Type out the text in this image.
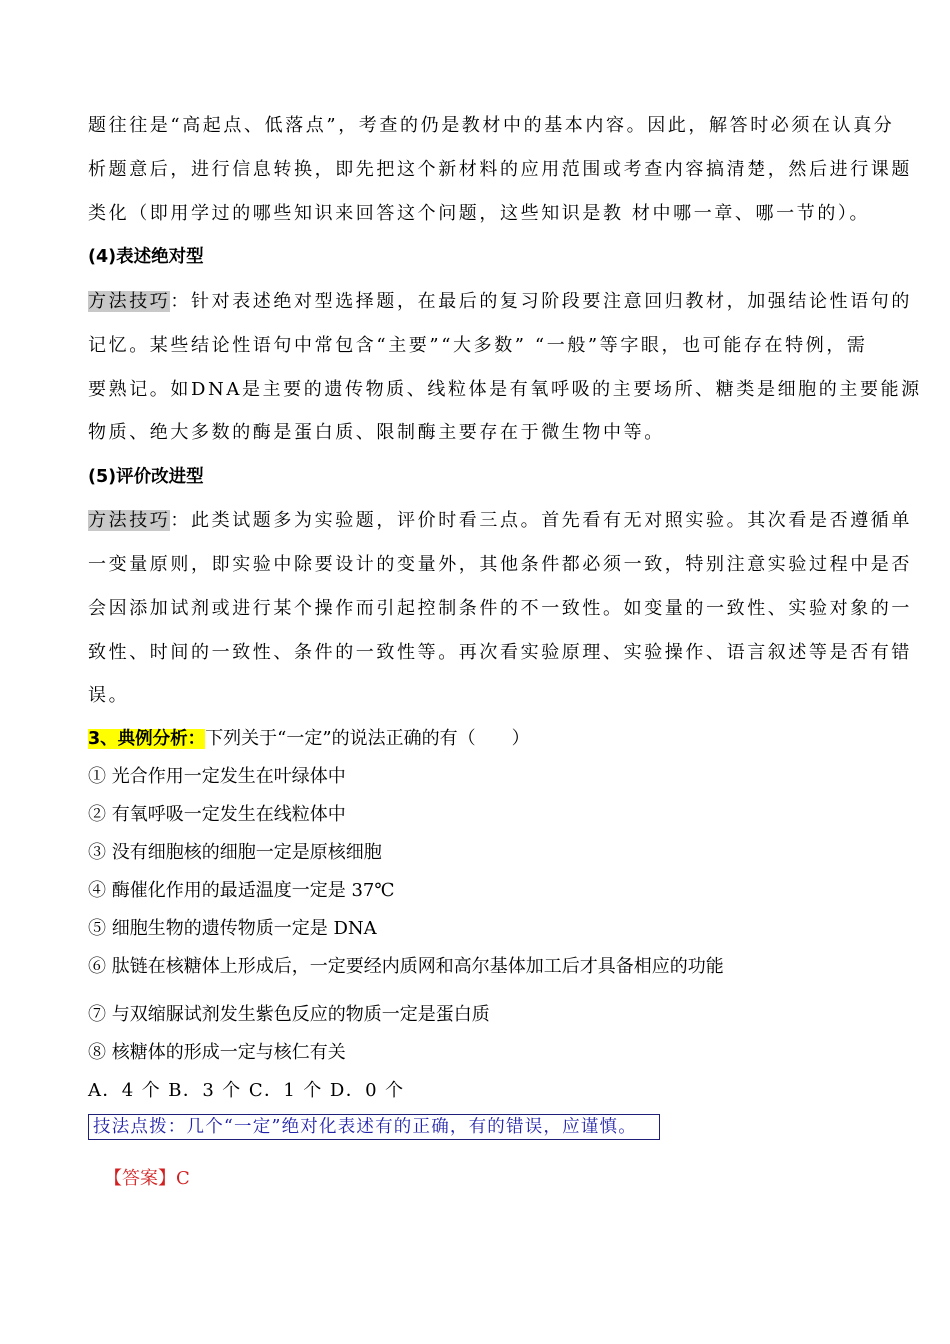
题往往是“高起点、低落点”，考查的仍是教材中的基本内容。因此，解答时必须在认真分
析题意后，进行信息转换，即先把这个新材料的应用范围或考查内容搞清楚，然后进行课题
类化（即用学过的哪些知识来回答这个问题，这些知识是教 材中哪一章、哪一节的）。
(4)表述绝对型
方法技巧：针对表述绝对型选择题，在最后的复习阶段要注意回归教材，加强结论性语句的
记忆。某些结论性语句中常包含“主要”“大多数” “一般”等字眼，也可能存在特例，需
要熟记。如DNA是主要的遗传物质、线粒体是有氧呼吸的主要场所、糖类是细胞的主要能源
物质、绝大多数的酶是蛋白质、限制酶主要存在于微生物中等。
(5)评价改进型
方法技巧：此类试题多为实验题，评价时看三点。首先看有无对照实验。其次看是否遵循单
一变量原则，即实验中除要设计的变量外，其他条件都必须一致，特别注意实验过程中是否
会因添加试剂或进行某个操作而引起控制条件的不一致性。如变量的一致性、实验对象的一
致性、时间的一致性、条件的一致性等。再次看实验原理、实验操作、语言叙述等是否有错
误。
3、典例分析：下列关于“一定”的说法正确的有（　　）
① 光合作用一定发生在叶绿体中
② 有氧呼吸一定发生在线粒体中
③ 没有细胞核的细胞一定是原核细胞
④ 酶催化作用的最适温度一定是 37℃
⑤ 细胞生物的遗传物质一定是 DNA
⑥ 肽链在核糖体上形成后，一定要经内质网和高尔基体加工后才具备相应的功能
⑦ 与双缩脲试剂发生紫色反应的物质一定是蛋白质
⑧ 核糖体的形成一定与核仁有关
A．4 个 B．3 个 C．1 个 D．0 个
技法点拨：几个“一定”绝对化表述有的正确，有的错误，应谨慎。
【答案】C
